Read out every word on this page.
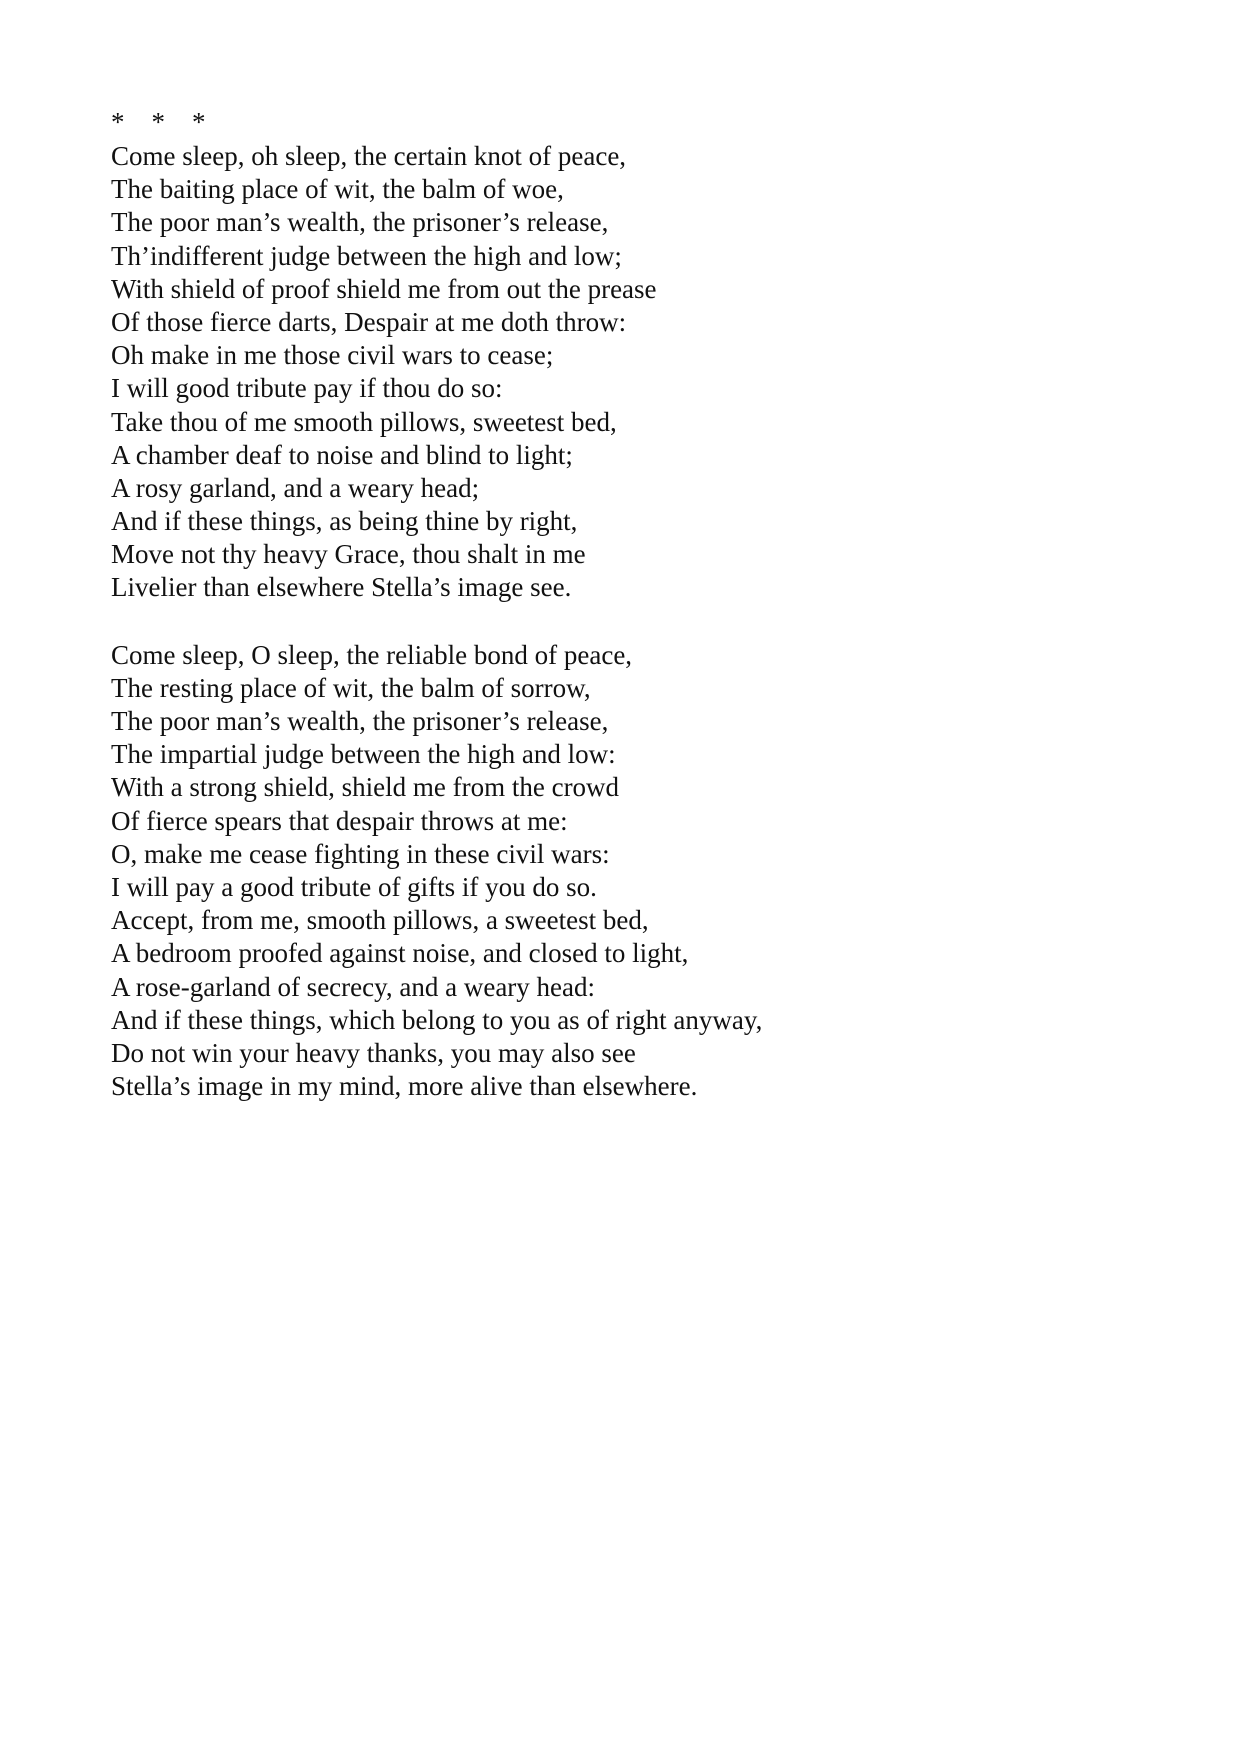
*    *    *
Come sleep, oh sleep, the certain knot of peace,
The baiting place of wit, the balm of woe,
The poor man’s wealth, the prisoner’s release,
Th’indifferent judge between the high and low;
With shield of proof shield me from out the prease
Of those fierce darts, Despair at me doth throw:
Oh make in me those civil wars to cease;
I will good tribute pay if thou do so:
Take thou of me smooth pillows, sweetest bed,
A chamber deaf to noise and blind to light;
A rosy garland, and a weary head;
And if these things, as being thine by right,
Move not thy heavy Grace, thou shalt in me
Livelier than elsewhere Stella’s image see.
Come sleep, O sleep, the reliable bond of peace,
The resting place of wit, the balm of sorrow,
The poor man’s wealth, the prisoner’s release,
The impartial judge between the high and low:
With a strong shield, shield me from the crowd
Of fierce spears that despair throws at me:
O, make me cease fighting in these civil wars:
I will pay a good tribute of gifts if you do so.
Accept, from me, smooth pillows, a sweetest bed,
A bedroom proofed against noise, and closed to light,
A rose-garland of secrecy, and a weary head:
And if these things, which belong to you as of right anyway,
Do not win your heavy thanks, you may also see
Stella’s image in my mind, more alive than elsewhere.
